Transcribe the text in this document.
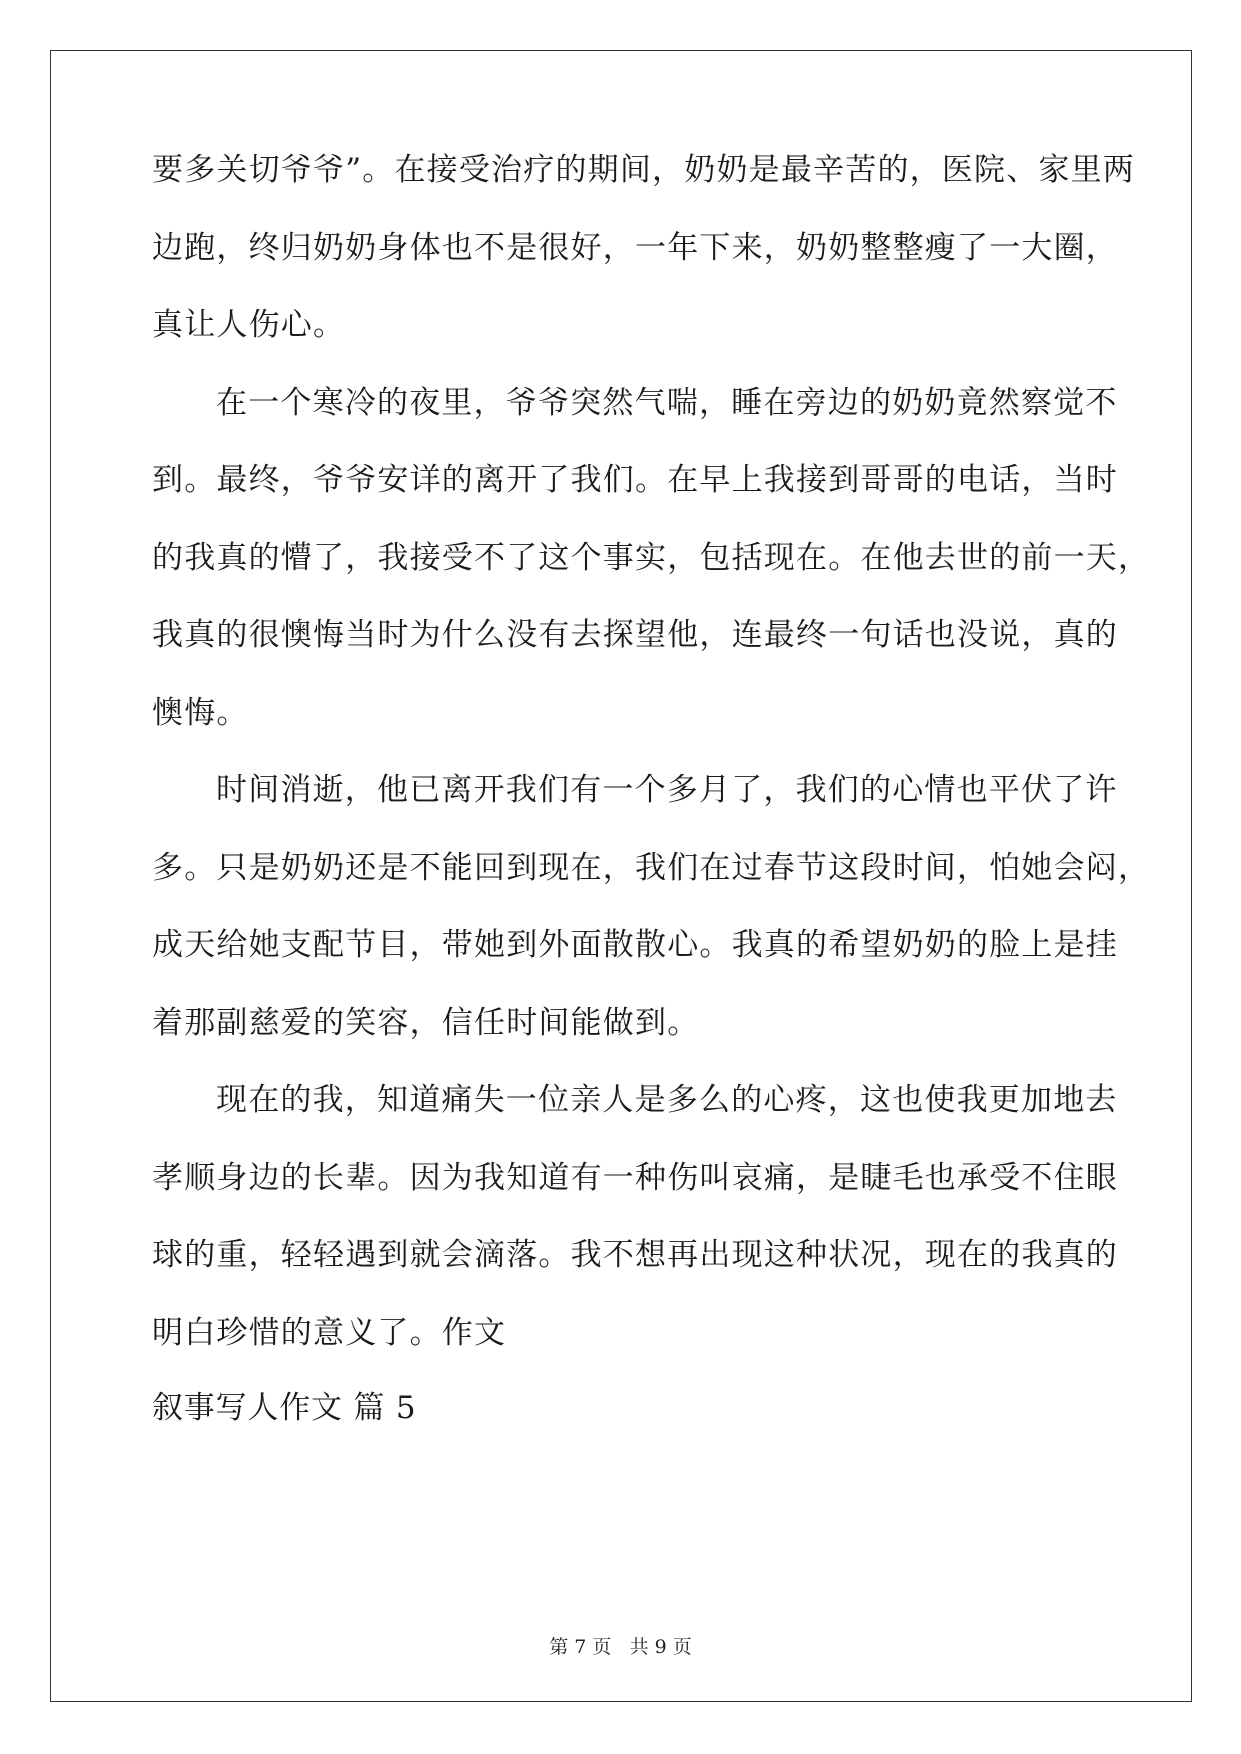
要多关切爷爷”。在接受治疗的期间，奶奶是最辛苦的，医院、家里两
边跑，终归奶奶身体也不是很好，一年下来，奶奶整整瘦了一大圈，
真让人伤心。
在一个寒冷的夜里，爷爷突然气喘，睡在旁边的奶奶竟然察觉不
到。最终，爷爷安详的离开了我们。在早上我接到哥哥的电话，当时
的我真的懵了，我接受不了这个事实，包括现在。在他去世的前一天，
我真的很懊悔当时为什么没有去探望他，连最终一句话也没说，真的
懊悔。
时间消逝，他已离开我们有一个多月了，我们的心情也平伏了许
多。只是奶奶还是不能回到现在，我们在过春节这段时间，怕她会闷，
成天给她支配节目，带她到外面散散心。我真的希望奶奶的脸上是挂
着那副慈爱的笑容，信任时间能做到。
现在的我，知道痛失一位亲人是多么的心疼，这也使我更加地去
孝顺身边的长辈。因为我知道有一种伤叫哀痛，是睫毛也承受不住眼
球的重，轻轻遇到就会滴落。我不想再出现这种状况，现在的我真的
明白珍惜的意义了。作文
叙事写人作文 篇 5
第 7 页 共 9 页
